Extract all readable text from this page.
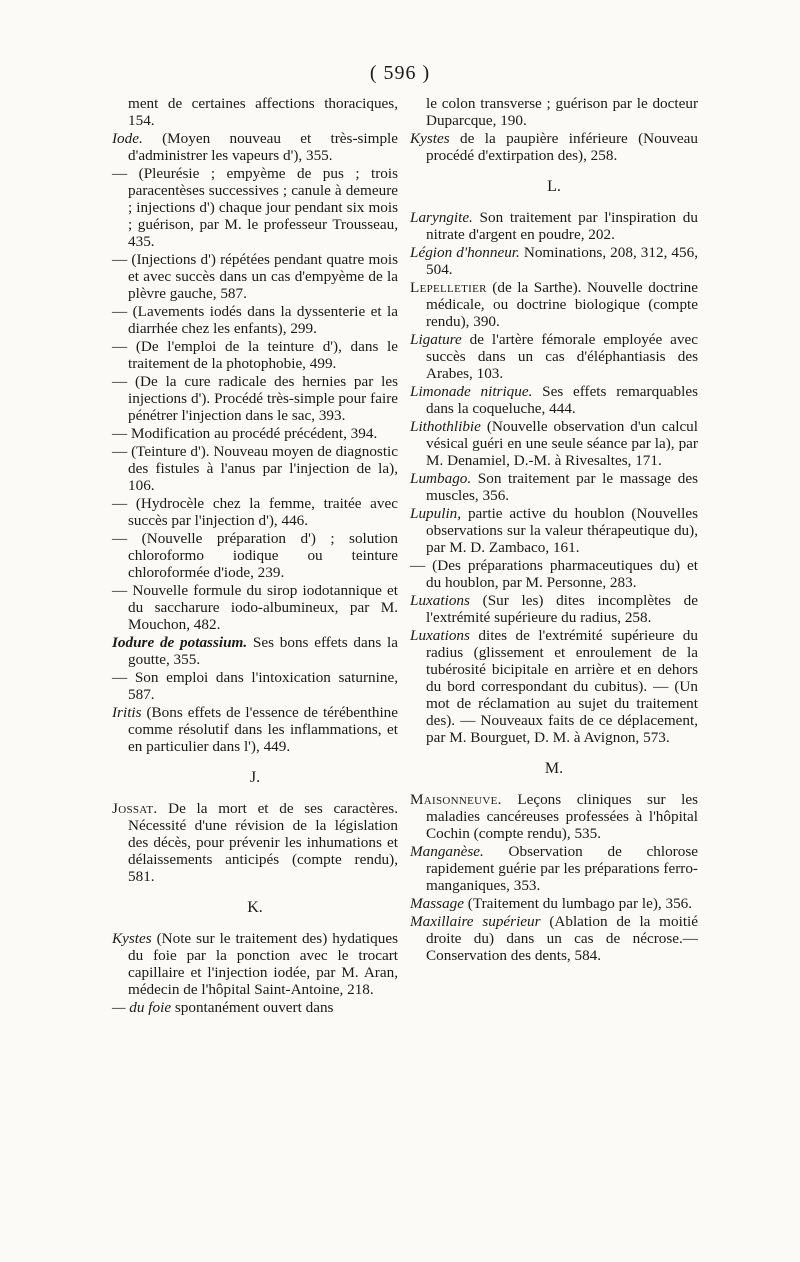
( 596 )
ment de certaines affections thoraciques, 154.
Iode. (Moyen nouveau et très-simple d'administrer les vapeurs d'), 355.
— (Pleurésie ; empyème de pus ; trois paracentèses successives ; canule à demeure ; injections d') chaque jour pendant six mois ; guérison, par M. le professeur Trousseau, 435.
— (Injections d') répétées pendant quatre mois et avec succès dans un cas d'empyème de la plèvre gauche, 587.
— (Lavements iodés dans la dyssenterie et la diarrhée chez les enfants), 299.
— (De l'emploi de la teinture d'), dans le traitement de la photophobie, 499.
— (De la cure radicale des hernies par les injections d'). Procédé très-simple pour faire pénétrer l'injection dans le sac, 393.
— Modification au procédé précédent, 394.
— (Teinture d'). Nouveau moyen de diagnostic des fistules à l'anus par l'injection de la), 106.
— (Hydrocèle chez la femme, traitée avec succès par l'injection d'), 446.
— (Nouvelle préparation d') ; solution chloroformo iodique ou teinture chloroformée d'iode, 239.
— Nouvelle formule du sirop iodotannique et du saccharure iodo-albumineux, par M. Mouchon, 482.
Iodure de potassium. Ses bons effets dans la goutte, 355.
— Son emploi dans l'intoxication saturnine, 587.
Iritis (Bons effets de l'essence de térébenthine comme résolutif dans les inflammations, et en particulier dans l'), 449.
J.
Jossat. De la mort et de ses caractères. Nécessité d'une révision de la législation des décès, pour prévenir les inhumations et délaissements anticipés (compte rendu), 581.
K.
Kystes (Note sur le traitement des) hydatiques du foie par la ponction avec le trocart capillaire et l'injection iodée, par M. Aran, médecin de l'hôpital Saint-Antoine, 218.
— du foie spontanément ouvert dans
le colon transverse ; guérison par le docteur Duparcque, 190.
Kystes de la paupière inférieure (Nouveau procédé d'extirpation des), 258.
L.
Laryngite. Son traitement par l'inspiration du nitrate d'argent en poudre, 202.
Légion d'honneur. Nominations, 208, 312, 456, 504.
Lepelletier (de la Sarthe). Nouvelle doctrine médicale, ou doctrine biologique (compte rendu), 390.
Ligature de l'artère fémorale employée avec succès dans un cas d'éléphantiasis des Arabes, 103.
Limonade nitrique. Ses effets remarquables dans la coqueluche, 444.
Lithothlibie (Nouvelle observation d'un calcul vésical guéri en une seule séance par la), par M. Denamiel, D.-M. à Rivesaltes, 171.
Lumbago. Son traitement par le massage des muscles, 356.
Lupulin, partie active du houblon (Nouvelles observations sur la valeur thérapeutique du), par M. D. Zambaco, 161.
— (Des préparations pharmaceutiques du) et du houblon, par M. Personne, 283.
Luxations (Sur les) dites incomplètes de l'extrémité supérieure du radius, 258.
Luxations dites de l'extrémité supérieure du radius (glissement et enroulement de la tubérosité bicipitale en arrière et en dehors du bord correspondant du cubitus). — (Un mot de réclamation au sujet du traitement des). — Nouveaux faits de ce déplacement, par M. Bourguet, D. M. à Avignon, 573.
M.
Maisonneuve. Leçons cliniques sur les maladies cancéreuses professées à l'hôpital Cochin (compte rendu), 535.
Manganèse. Observation de chlorose rapidement guérie par les préparations ferro-manganiques, 353.
Massage (Traitement du lumbago par le), 356.
Maxillaire supérieur (Ablation de la moitié droite du) dans un cas de nécrose.—Conservation des dents, 584.
